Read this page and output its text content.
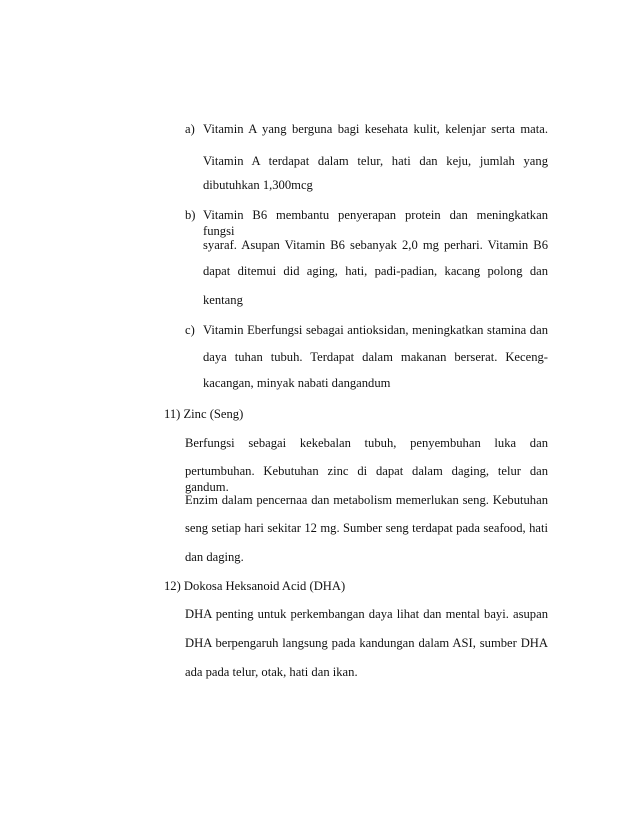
a) Vitamin A yang berguna bagi kesehata kulit, kelenjar serta mata.
Vitamin A terdapat dalam telur, hati dan keju, jumlah yang
dibutuhkan 1,300mcg
b) Vitamin B6 membantu penyerapan protein dan meningkatkan fungsi
syaraf. Asupan Vitamin B6 sebanyak 2,0 mg perhari. Vitamin B6
dapat ditemui did aging, hati, padi-padian, kacang polong dan
kentang
c) Vitamin Eberfungsi sebagai antioksidan, meningkatkan stamina dan
daya tuhan tubuh. Terdapat dalam makanan berserat. Keceng-
kacangan, minyak nabati dangandum
11) Zinc (Seng)
Berfungsi sebagai kekebalan tubuh, penyembuhan luka dan
pertumbuhan. Kebutuhan zinc di dapat dalam daging, telur dan gandum.
Enzim dalam pencernaa dan metabolism memerlukan seng. Kebutuhan
seng setiap hari sekitar 12 mg. Sumber seng terdapat pada seafood, hati
dan daging.
12) Dokosa Heksanoid Acid (DHA)
DHA penting untuk perkembangan daya lihat dan mental bayi. asupan
DHA berpengaruh langsung pada kandungan dalam ASI, sumber DHA
ada pada telur, otak, hati dan ikan.
